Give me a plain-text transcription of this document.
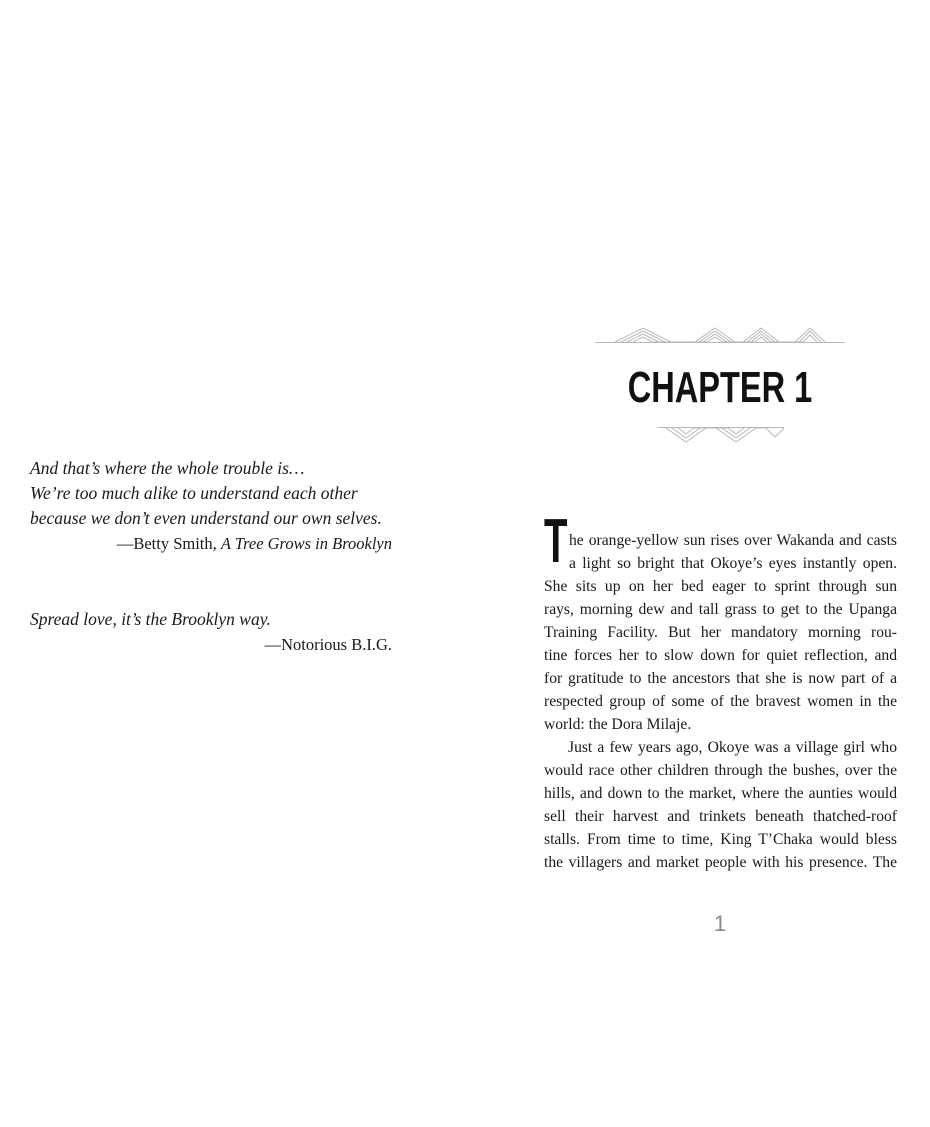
And that’s where the whole trouble is…
We’re too much alike to understand each other
because we don’t even understand our own selves.
—Betty Smith, A Tree Grows in Brooklyn
Spread love, it’s the Brooklyn way.
—Notorious B.I.G.
CHAPTER 1
T he orange-yellow sun rises over Wakanda and casts
a light so bright that Okoye’s eyes instantly open.
She sits up on her bed eager to sprint through sun
rays, morning dew and tall grass to get to the Upanga
Training Facility. But her mandatory morning rou-
tine forces her to slow down for quiet reflection, and
for gratitude to the ancestors that she is now part of a
respected group of some of the bravest women in the
world: the Dora Milaje.
Just a few years ago, Okoye was a village girl who
would race other children through the bushes, over the
hills, and down to the market, where the aunties would
sell their harvest and trinkets beneath thatched-roof
stalls. From time to time, King T’Chaka would bless
the villagers and market people with his presence. The
1
